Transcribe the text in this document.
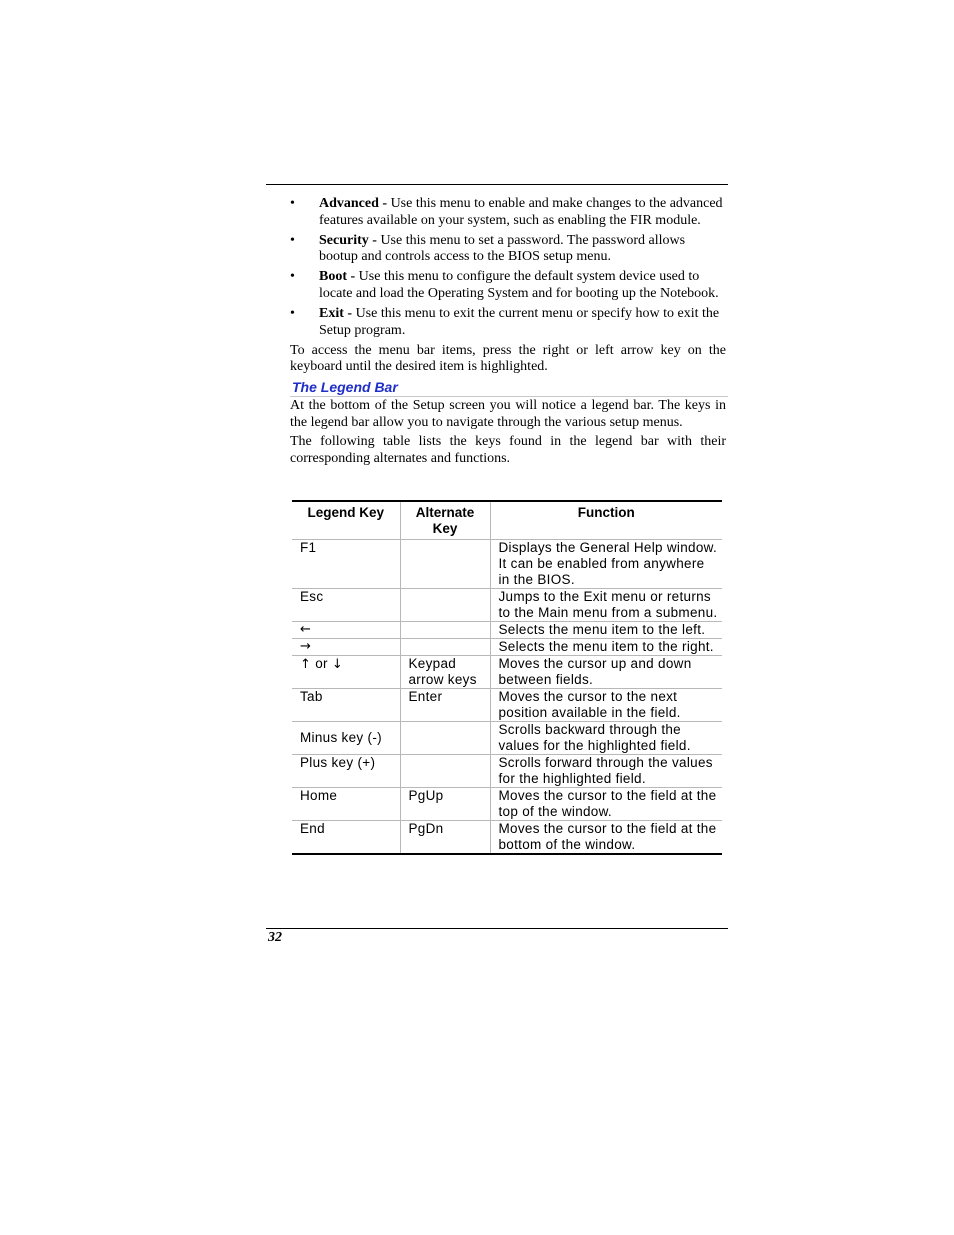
• Advanced - Use this menu to enable and make changes to the advanced features available on your system, such as enabling the FIR module.
• Security - Use this menu to set a password. The password allows bootup and controls access to the BIOS setup menu.
• Boot - Use this menu to configure the default system device used to locate and load the Operating System and for booting up the Notebook.
• Exit - Use this menu to exit the current menu or specify how to exit the Setup program.

To access the menu bar items, press the right or left arrow key on the keyboard until the desired item is highlighted.

The Legend Bar

At the bottom of the Setup screen you will notice a legend bar. The keys in the legend bar allow you to navigate through the various setup menus.

The following table lists the keys found in the legend bar with their corresponding alternates and functions.

Legend Key	Alternate Key	Function
F1		Displays the General Help window. It can be enabled from anywhere in the BIOS.
Esc		Jumps to the Exit menu or returns to the Main menu from a submenu.
←		Selects the menu item to the left.
→		Selects the menu item to the right.
↑ or ↓	Keypad arrow keys	Moves the cursor up and down between fields.
Tab	Enter	Moves the cursor to the next position available in the field.
Minus key (-)		Scrolls backward through the values for the highlighted field.
Plus key (+)		Scrolls forward through the values for the highlighted field.
Home	PgUp	Moves the cursor to the field at the top of the window.
End	PgDn	Moves the cursor to the field at the bottom of the window.
32
